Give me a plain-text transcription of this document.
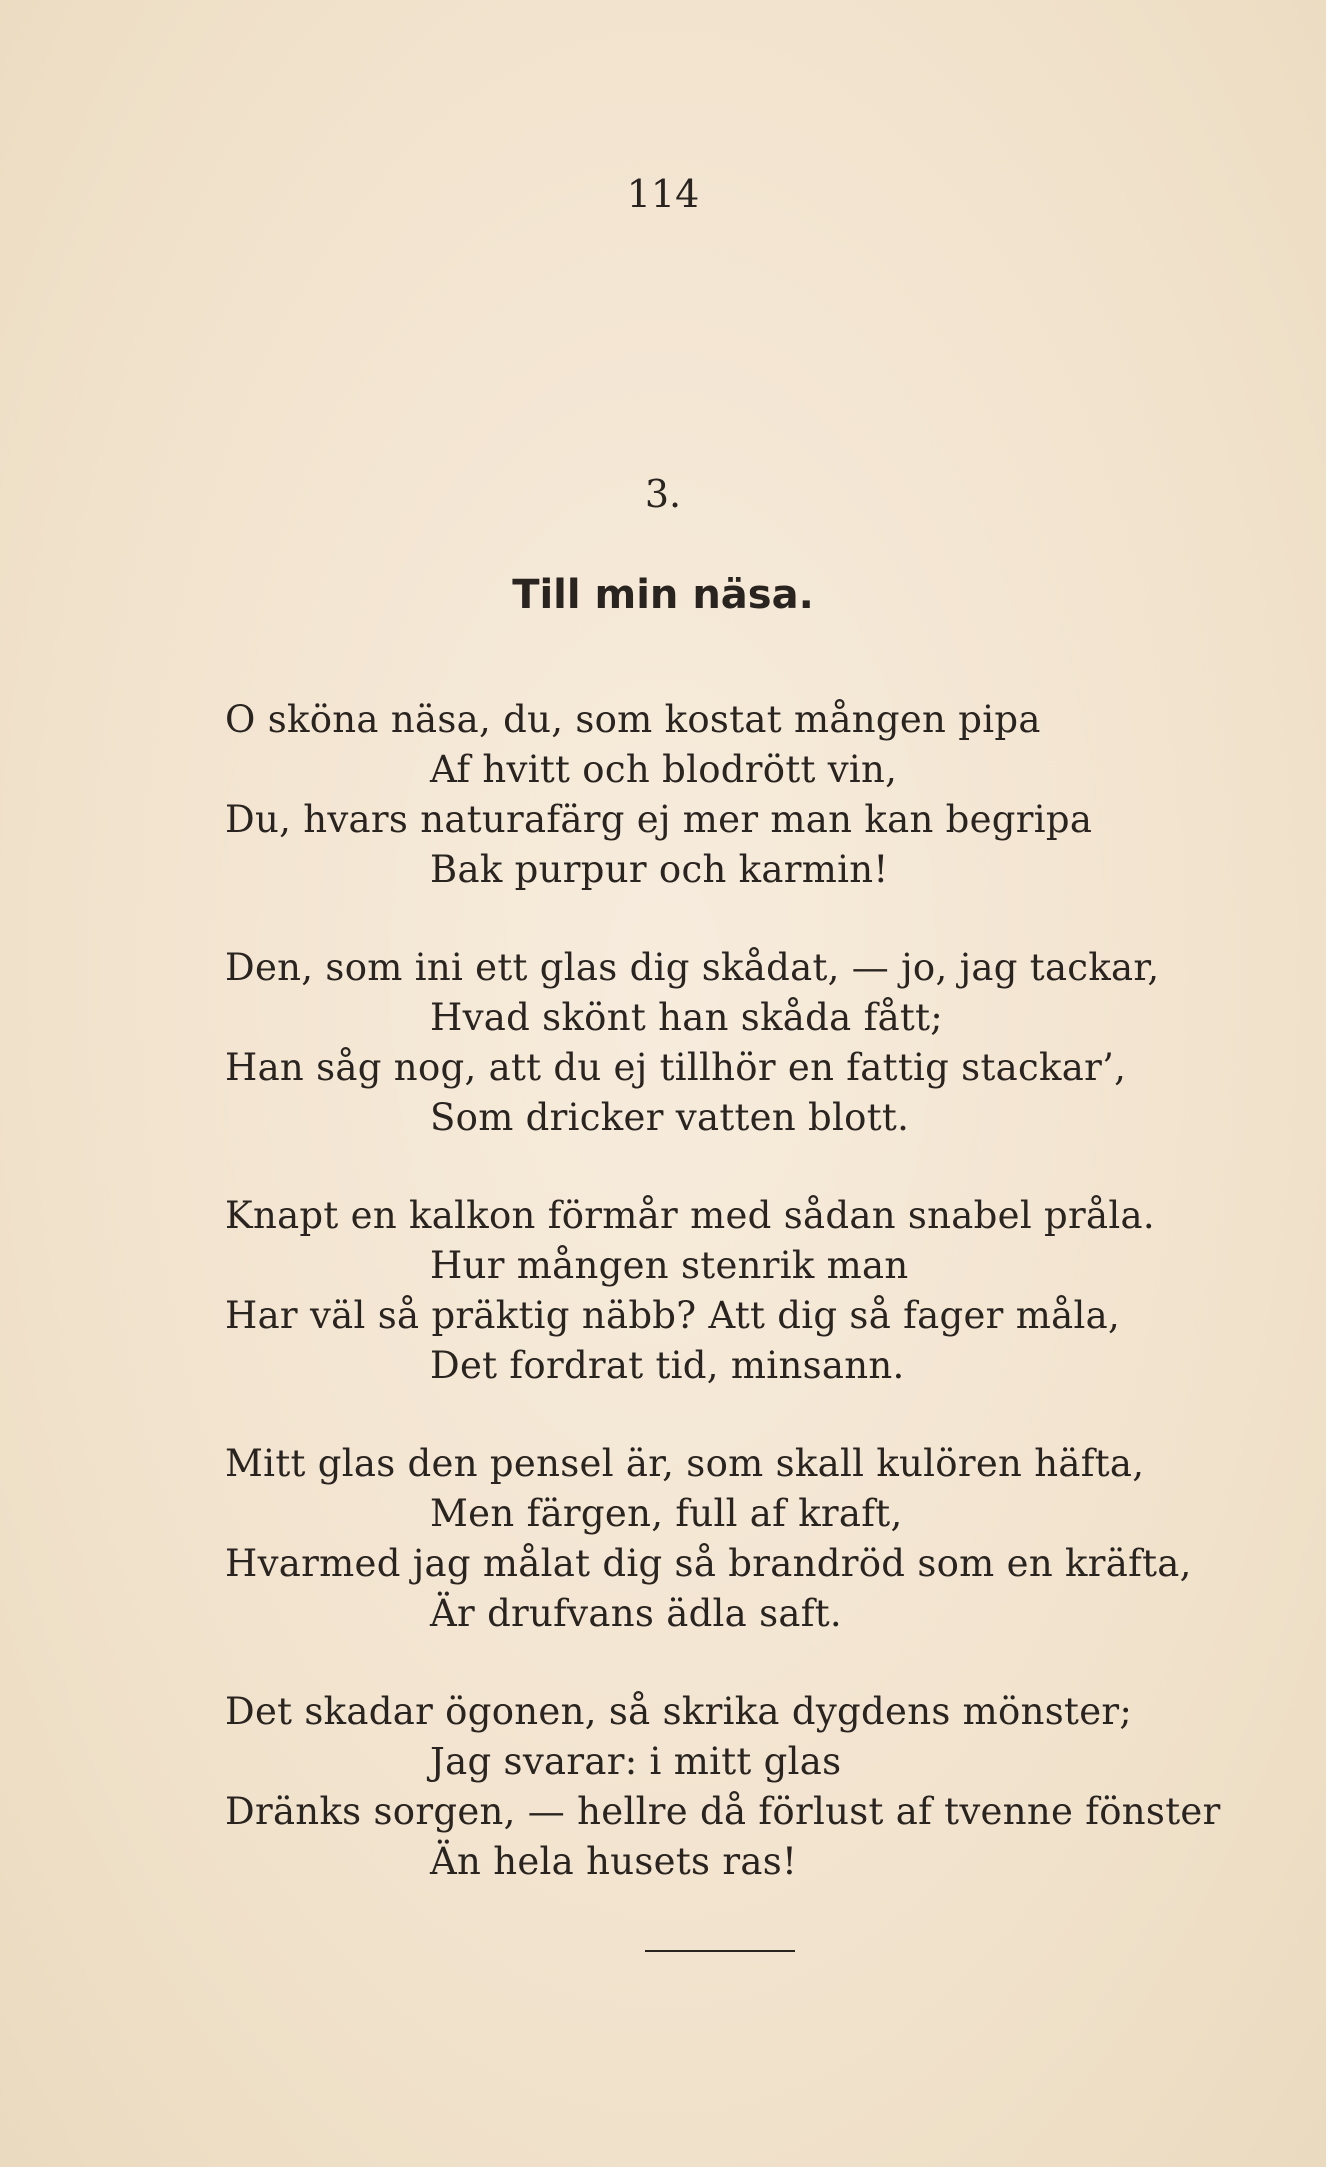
114
3.
Till min näsa.
O sköna näsa, du, som kostat mången pipa
Af hvitt och blodrött vin,
Du, hvars naturafärg ej mer man kan begripa
Bak purpur och karmin!
Den, som ini ett glas dig skådat, — jo, jag tackar,
Hvad skönt han skåda fått;
Han såg nog, att du ej tillhör en fattig stackar’,
Som dricker vatten blott.
Knapt en kalkon förmår med sådan snabel pråla.
Hur mången stenrik man
Har väl så präktig näbb? Att dig så fager måla,
Det fordrat tid, minsann.
Mitt glas den pensel är, som skall kulören häfta,
Men färgen, full af kraft,
Hvarmed jag målat dig så brandröd som en kräfta,
Är drufvans ädla saft.
Det skadar ögonen, så skrika dygdens mönster;
Jag svarar: i mitt glas
Dränks sorgen, — hellre då förlust af tvenne fönster
Än hela husets ras!
